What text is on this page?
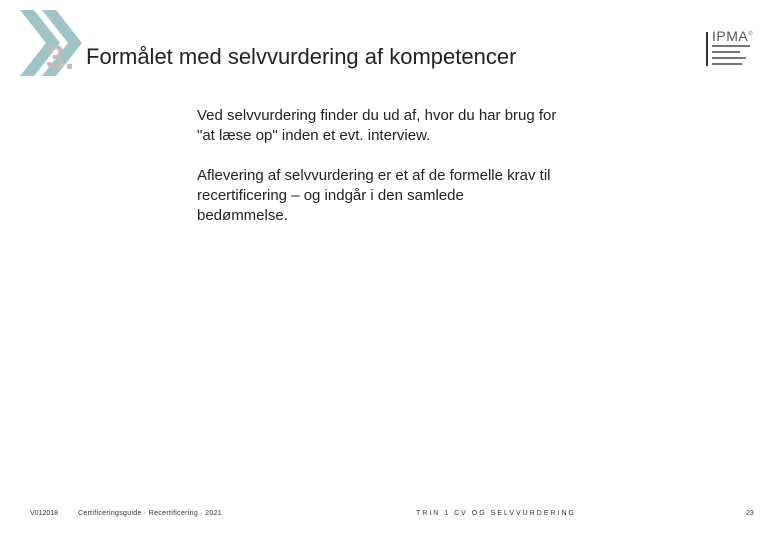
3. Formålet med selvvurdering af kompetencer
IPMA®
Ved selvvurdering finder du ud af, hvor du har brug for "at læse op" inden et evt. interview.
Aflevering af selvvurdering er et af de formelle krav til recertificering – og indgår i den samlede bedømmelse.
V012018	Certificeringsguide · Recertificering · 2021	TRIN 1 CV OG SELVVURDERING	23
